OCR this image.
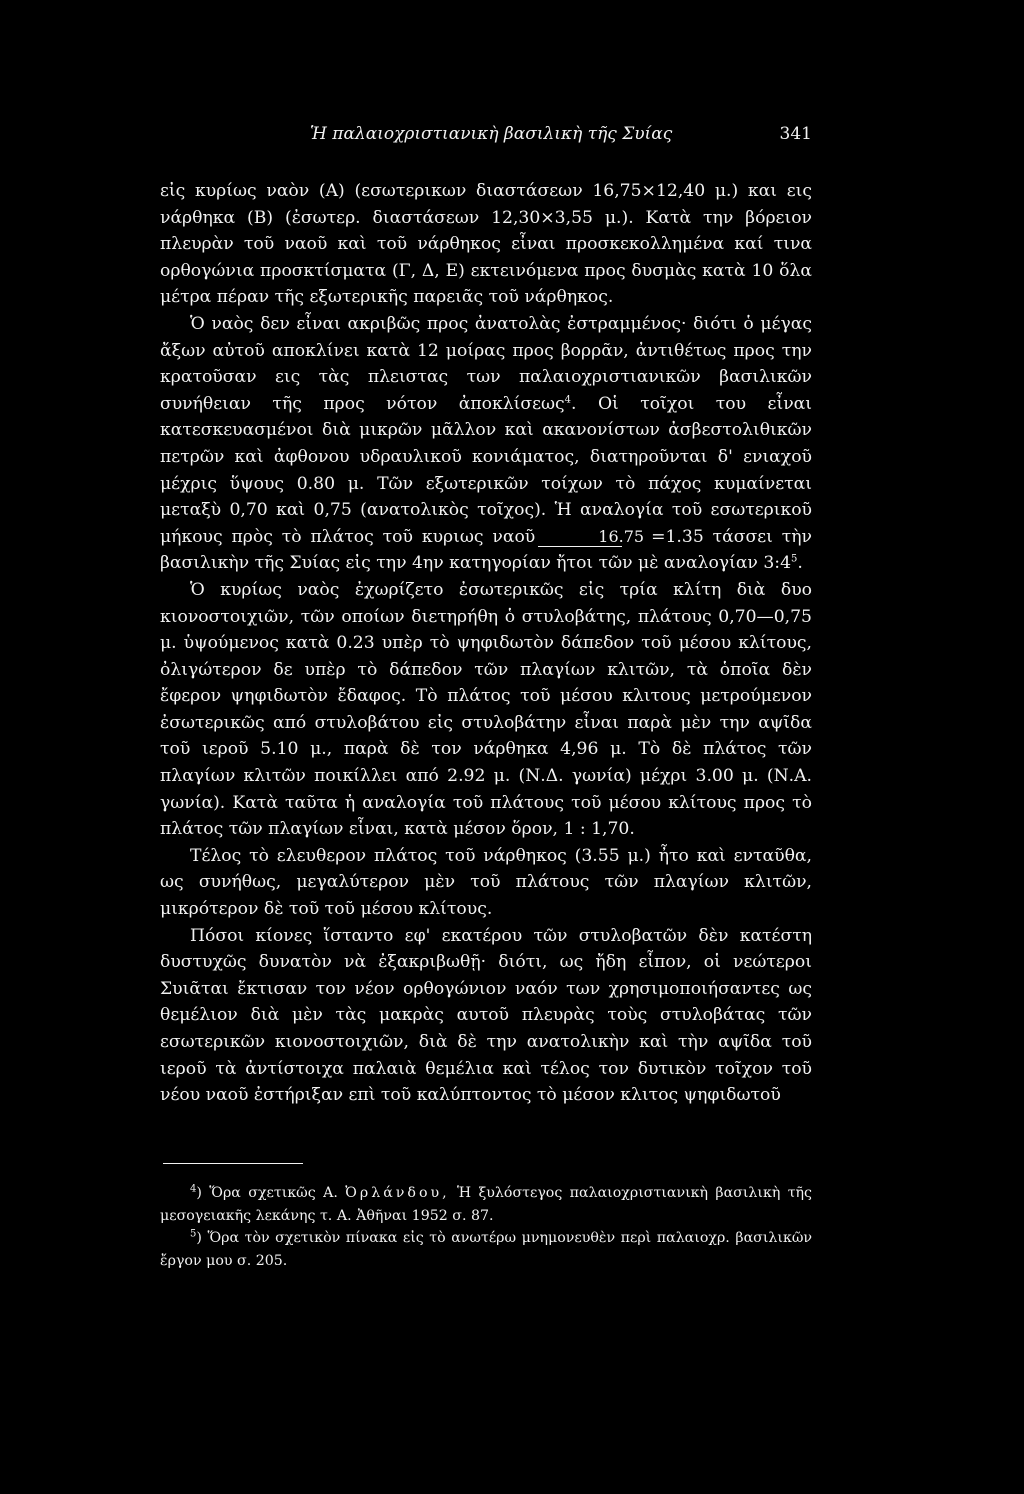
Ἡ παλαιοχριστιανικὴ βασιλικὴ τῆς Συίας	341

εἰς κυρίως ναὸν (Α) (εσωτερικων διαστάσεων 16,75×12,40 μ.) και εις νάρθηκα (Β) (ἐσωτερ. διαστάσεων 12,30×3,55 μ.). Κατὰ την βόρειον πλευρὰν τοῦ ναοῦ καὶ τοῦ νάρθηκος εἶναι προσκεκολλημένα καί τινα ορθογώνια προσκτίσματα (Γ, Δ, Ε) εκτεινόμενα προς δυσμὰς κατὰ 10 ὅλα μέτρα πέραν τῆς εξωτερικῆς παρειᾶς τοῦ νάρθηκος.

Ὁ ναὸς δεν εἶναι ακριβῶς προς ἀνατολὰς ἐστραμμένος· διότι ὁ μέγας ἄξων αὐτοῦ αποκλίνει κατὰ 12 μοίρας προς βορρᾶν, ἀντιθέτως προς την κρατοῦσαν εις τὰς πλειστας των παλαιοχριστιανικῶν βασιλικῶν συνήθειαν τῆς προς νότον ἀποκλίσεως$^4$. Οἱ τοῖχοι του εἶναι κατεσκευασμένοι διὰ μικρῶν μᾶλλον καὶ ακανονίστων ἀσβεστολιθικῶν πετρῶν καὶ ἀφθονου υδραυλικοῦ κονιάματος, διατηροῦνται δ' ενιαχοῦ μέχρις ὕψους 0.80 μ. Τῶν εξωτερικῶν τοίχων τὸ πάχος κυμαίνεται μεταξὺ 0,70 καὶ 0,75 (ανατολικὸς τοῖχος). Ἡ αναλογία τοῦ εσωτερικοῦ μήκους πρὸς τὸ πλάτος τοῦ κυριως ναοῦ	16.75 =1.35 τάσσει τὴν βασιλικὴν τῆς Συίας εἰς την 4ην κατηγορίαν ἤτοι τῶν μὲ αναλογίαν $3:4^5$.

Ὁ κυρίως ναὸς ἐχωρίζετο ἐσωτερικῶς εἰς τρία κλίτη διὰ δυο κιονοστοιχιῶν, τῶν οποίων διετηρήθη ὁ στυλοβάτης, πλάτους 0,70—0,75 μ. ὑψούμενος κατὰ 0.23 υπὲρ τὸ ψηφιδωτὸν δάπεδον τοῦ μέσου κλίτους, ὀλιγώτερον δε υπὲρ τὸ δάπεδον τῶν πλαγίων κλιτῶν, τὰ ὁποῖα δὲν ἔφερον ψηφιδωτὸν ἔδαφος. Τὸ πλάτος τοῦ μέσου κλιτους μετρούμενον ἐσωτερικῶς από στυλοβάτου εἰς στυλοβάτην εἶναι παρὰ μὲν την αψῖδα τοῦ ιεροῦ 5.10 μ., παρὰ δὲ τον νάρθηκα 4,96 μ. Τὸ δὲ πλάτος τῶν πλαγίων κλιτῶν ποικίλλει από 2.92 μ. (Ν.Δ. γωνία) μέχρι 3.00 μ. (Ν.Α. γωνία). Κατὰ ταῦτα ἡ αναλογία τοῦ πλάτους τοῦ μέσου κλίτους προς τὸ πλάτος τῶν πλαγίων εἶναι, κατὰ μέσον ὅρον, 1 : 1,70.

Τέλος τὸ ελευθερον πλάτος τοῦ νάρθηκος (3.55 μ.) ἦτο καὶ ενταῦθα, ως συνήθως, μεγαλύτερον μὲν τοῦ πλάτους τῶν πλαγίων κλιτῶν, μικρότερον δὲ τοῦ τοῦ μέσου κλίτους.

Πόσοι κίονες ἵσταντο εφ' εκατέρου τῶν στυλοβατῶν δὲν κατέστη δυστυχῶς δυνατὸν νὰ ἐξακριβωθῇ· διότι, ως ἤδη εἶπον, οἱ νεώτεροι Συιᾶται ἔκτισαν τον νέον ορθογώνιον ναόν των χρησιμοποιήσαντες ως θεμέλιον διὰ μὲν τὰς μακρὰς αυτοῦ πλευρὰς τοὺς στυλοβάτας τῶν εσωτερικῶν κιονοστοιχιῶν, διὰ δὲ την ανατολικὴν καὶ τὴν αψῖδα τοῦ ιεροῦ τὰ ἀντίστοιχα παλαιὰ θεμέλια καὶ τέλος τον δυτικὸν τοῖχον τοῦ νέου ναοῦ ἐστήριξαν επὶ τοῦ καλύπτοντος τὸ μέσον κλιτος ψηφιδωτοῦ

$^4$) Ὅρα σχετικῶς Α. Ὀρλάνδου, Ἡ ξυλόστεγος παλαιοχριστιανικὴ βασιλικὴ τῆς μεσογειακῆς λεκάνης τ. Α. Ἀθῆναι 1952 σ. 87.

$^5$) Ὅρα τὸν σχετικὸν πίνακα εἰς τὸ ανωτέρω μνημονευθὲν περὶ παλαιοχρ. βασιλικῶν ἔργον μου σ. 205.
